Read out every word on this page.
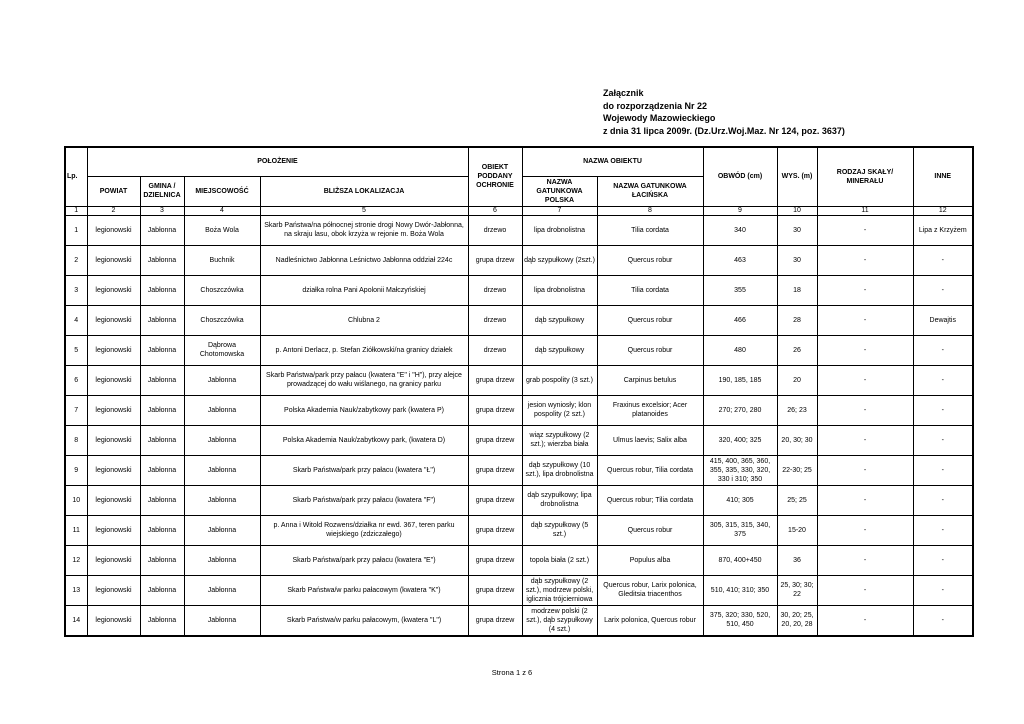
Załącznik
do rozporządzenia Nr 22
Wojewody Mazowieckiego
z dnia 31 lipca 2009r. (Dz.Urz.Woj.Maz. Nr 124, poz. 3637)
Lp.	POŁOŻENIE				OBIEKT PODDANY OCHRONIE	NAZWA OBIEKTU		OBWÓD (cm)	WYS. (m)	RODZAJ SKAŁY/ MINERAŁU	INNE
	POWIAT	GMINA / DZIELNICA	MIEJSCOWOŚĆ	BLIŻSZA LOKALIZACJA		NAZWA GATUNKOWA POLSKA	NAZWA GATUNKOWA ŁACIŃSKA				
1	2	3	4	5	6	7	8	9	10	11	12
1	legionowski	Jabłonna	Boża Wola	Skarb Państwa/na północnej stronie drogi Nowy Dwór-Jabłonna, na skraju lasu, obok krzyża w rejonie m. Boża Wola	drzewo	lipa drobnolistna	Tilia cordata	340	30	-	Lipa z Krzyżem
2	legionowski	Jabłonna	Buchnik	Nadleśnictwo Jabłonna Leśnictwo Jabłonna oddział 224c	grupa drzew	dąb szypułkowy (2szt.)	Quercus robur	463	30	-	-
3	legionowski	Jabłonna	Choszczówka	działka rolna Pani Apolonii Małczyńskiej	drzewo	lipa drobnolistna	Tilia cordata	355	18	-	-
4	legionowski	Jabłonna	Choszczówka	Chlubna 2	drzewo	dąb szypułkowy	Quercus robur	466	28	-	Dewajtis
5	legionowski	Jabłonna	Dąbrowa Chotomowska	p. Antoni Derlacz, p. Stefan Ziółkowski/na granicy działek	drzewo	dąb szypułkowy	Quercus robur	480	26	-	-
6	legionowski	Jabłonna	Jabłonna	Skarb Państwa/park przy pałacu (kwatera "E" i "H"), przy alejce prowadzącej do wału wiślanego, na granicy parku	grupa drzew	grab pospolity (3 szt.)	Carpinus betulus	190, 185, 185	20	-	-
7	legionowski	Jabłonna	Jabłonna	Polska Akademia Nauk/zabytkowy park (kwatera P)	grupa drzew	jesion wyniosły; klon pospolity (2 szt.)	Fraxinus excelsior; Acer platanoides	270; 270, 280	26; 23	-	-
8	legionowski	Jabłonna	Jabłonna	Polska Akademia Nauk/zabytkowy park, (kwatera D)	grupa drzew	wiąz szypułkowy (2 szt.); wierzba biała	Ulmus laevis; Salix alba	320, 400; 325	20, 30; 30	-	-
9	legionowski	Jabłonna	Jabłonna	Skarb Państwa/park przy pałacu (kwatera "Ł")	grupa drzew	dąb szypułkowy (10 szt.), lipa drobnolistna	Quercus robur, Tilia cordata	415, 400, 365, 360, 355, 335, 330, 320, 330 i 310; 350	22-30; 25	-	-
10	legionowski	Jabłonna	Jabłonna	Skarb Państwa/park przy pałacu (kwatera "F")	grupa drzew	dąb szypułkowy; lipa drobnolistna	Quercus robur; Tilia cordata	410; 305	25; 25	-	-
11	legionowski	Jabłonna	Jabłonna	p. Anna i Witold Rozwens/działka nr ewd. 367, teren parku wiejskiego (zdziczałego)	grupa drzew	dąb szypułkowy (5 szt.)	Quercus robur	305, 315, 315, 340, 375	15-20	-	-
12	legionowski	Jabłonna	Jabłonna	Skarb Państwa/park przy pałacu (kwatera "E")	grupa drzew	topola biała (2 szt.)	Populus alba	870, 400+450	36	-	-
13	legionowski	Jabłonna	Jabłonna	Skarb Państwa/w parku pałacowym (kwatera "K")	grupa drzew	dąb szypułkowy (2 szt.), modrzew polski, iglicznia trójcierniowa	Quercus robur, Larix polonica, Gleditsia triacenthos	510, 410; 310; 350	25, 30; 30; 22	-	-
14	legionowski	Jabłonna	Jabłonna	Skarb Państwa/w parku pałacowym, (kwatera "L")	grupa drzew	modrzew polski (2 szt.), dąb szypułkowy (4 szt.)	Larix polonica, Quercus robur	375, 320; 330, 520, 510, 450	30, 20; 25, 20, 20, 28	-	-
Strona 1 z 6
